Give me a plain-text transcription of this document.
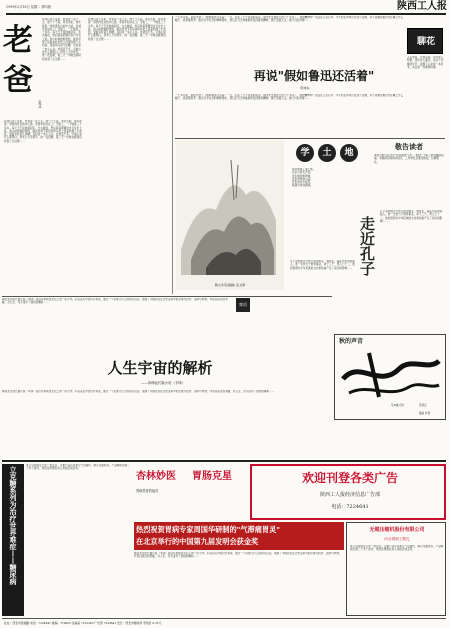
1999年3月16日 星期二 第四版	陕西工人报
老
爸
(散文)
在我们这个家里，老爸是一家之主。他个子不高，背有些驼，常年穿着一身洗得发白的中山装。老爸年轻时在工厂当钳工，一干就是三十多年。每天天不亮他就起床，生火做饭，然后骑着那辆旧自行车去上班。我小时候最盼望的，就是老爸下班回来时车把上挂着的那个小布袋，里面有时是几块糖，有时是一本小人书。老爸话不多，可他心里什么都明白。我考上大学那年，他一夜没睡，第二天一早就去邮局给我寄了生活费……
在我们这个家里，老爸是一家之主。他个子不高，背有些驼，常年穿着一身洗得发白的中山装。老爸年轻时在工厂当钳工，一干就是三十多年。每天天不亮他就起床，生火做饭，然后骑着那辆旧自行车去上班。我小时候最盼望的，就是老爸下班回来时车把上挂着的那个小布袋，里面有时是几块糖，有时是一本小人书。老爸话不多，可他心里什么都明白。我考上大学那年，他一夜没睡，第二天一早就去邮局给我寄了生活费……
在我们这个家里，老爸是一家之主。他个子不高，背有些驼，常年穿着一身洗得发白的中山装。老爸年轻时在工厂当钳工，一干就是三十多年。每天天不亮他就起床，生火做饭，然后骑着那辆旧自行车去上班。我小时候最盼望的，就是老爸下班回来时车把上挂着的那个小布袋，里面有时是几块糖，有时是一本小人书。老爸话不多，可他心里什么都明白。我考上大学那年，他一夜没睡，第二天一早就去邮局给我寄了生活费……
一个多月前，某报刊登了《假如鲁迅还活着》一文，引起了不少读者的关注。鲁迅先生逝世已经六十多年了，他的精神却一直活在人们心中。今天我们再来讨论这个话题，并不是要给鲁迅先生戴上什么帽子，而是要思考：面对当今社会的种种现象，我们应当怎样继承和发扬鲁迅精神，敢于直面人生，敢于针砭时弊……
聊花
人们常说，开卷有益。读书使人明智，读史使人通达。在这个浮躁的年代，能静下心来读一本好书，实在是一件难得的事。
再说"假如鲁迅还活着"
陈建东
一个多月前，某报刊登了《假如鲁迅还活着》一文，引起了不少读者的关注。鲁迅先生逝世已经六十多年了，他的精神却一直活在人们心中。今天我们再来讨论这个话题，并不是要给鲁迅先生戴上什么帽子，而是要思考：面对当今社会的种种现象，我们应当怎样继承和发扬鲁迅精神，敢于直面人生，敢于针砭时弊……
雅山多景(国画) 张文厚
学	土	地
春风吹绿了黄土地，
农家小院笑声起。
老牛耕田犁铧响，
麦苗青青满山溪。
汗水浇出丰收年，
粮满仓来油满瓶。
敬告读者
本报自即日起开设"读者园地"专栏，欢迎广大职工群众踊跃投稿。来稿请注明真实姓名、工作单位及通讯地址，以便联系。
走近孔子
孔子是我国古代伟大的思想家、教育家，儒家学派的创始人。他一生致力于教育事业，弟子三千，贤人七十二。他的思想对中华民族的文化和性格产生了深远的影响……
孔子是我国古代伟大的思想家、教育家，儒家学派的创始人。他一生致力于教育事业，弟子三千，贤人七十二。他的思想对中华民族的文化和性格产生了深远的影响……
寄语
韩起先生的长篇小说《木铎》是近年来陕西文坛上的一部力作。小说以关中农村为背景，通过一个家族几代人的命运沉浮，展现了中国农民在历史变革中的苦难与抗争、追求与梦想。作者以深沉的笔触，对人生、对宇宙作了独到的解析……
人生宇宙的解析
——读韩起长篇小说《木铎》
韩起先生的长篇小说《木铎》是近年来陕西文坛上的一部力作。小说以关中农村为背景，通过一个家族几代人的命运沉浮，展现了中国农民在历史变革中的苦难与抗争、追求与梦想。作者以深沉的笔触，对人生、对宇宙作了独到的解析……
秋的声音
写&画 设计	范延江
临帖 作者
立克糖系列为治疗世界难症——糖尿病
本公司是国家大型一类企业，主要产品有各类空气压缩机、制冷压缩机等，产品畅销全国二十多个省市，欢迎各界朋友来人来函洽谈业务。
杏林妙医	胃肠克星
胃病患者的福音
热烈祝贺胃病专家周国华研制的"气滞痛胃灵"
在北京举行的中国第九届发明会获金奖
韩起先生的长篇小说《木铎》是近年来陕西文坛上的一部力作。小说以关中农村为背景，通过一个家族几代人的命运沉浮，展现了中国农民在历史变革中的苦难与抗争、追求与梦想。作者以深沉的笔触，对人生、对宇宙作了独到的解析……
欢迎刊登各类广告
陕西工人报经济信息广告部
电话：7224641
无锡压缩机股份有限公司
向全国职工敬礼
本公司是国家大型一类企业，主要产品有各类空气压缩机、制冷压缩机等，产品畅销全国二十多个省市，欢迎各界朋友来人来函洽谈业务。
社址：西安市莲湖路 电话：7224641 邮编：710003 总编室 7212345 广告部 7224641 发行：西安市邮政局 零售价 0.35元
